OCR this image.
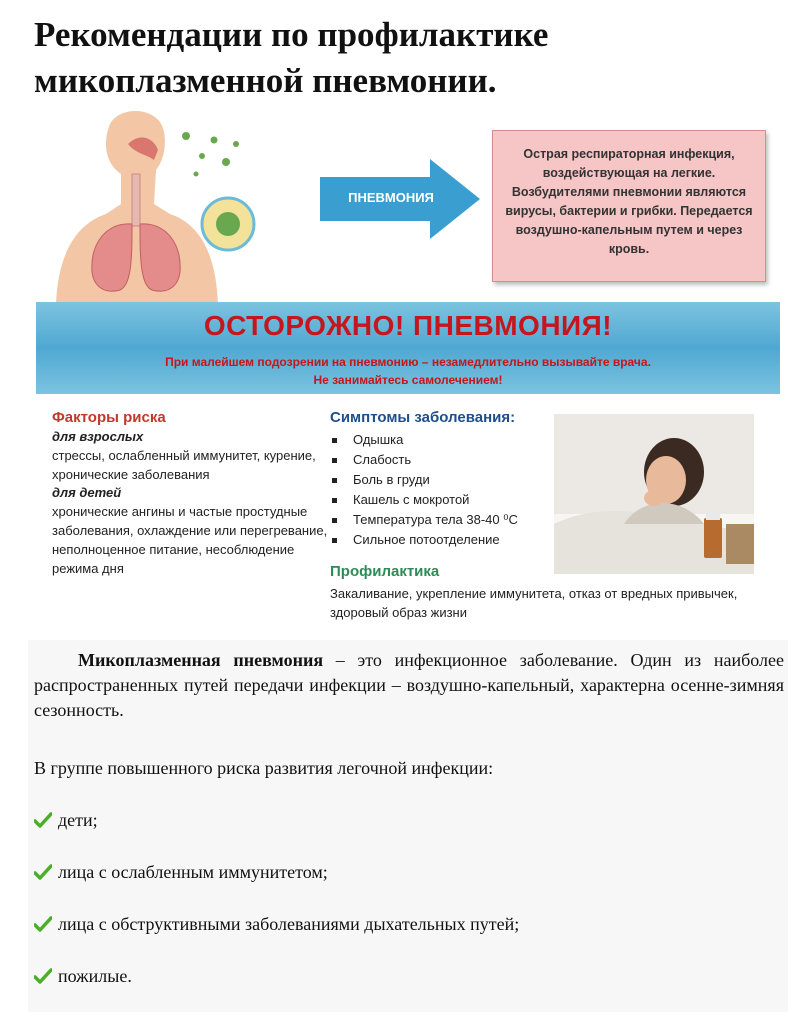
Рекомендации по профилактике микоплазменной пневмонии.
ПНЕВМОНИЯ
Острая респираторная инфекция, воздействующая на легкие. Возбудителями пневмонии являются вирусы, бактерии и грибки. Передается воздушно-капельным путем и через кровь.
ОСТОРОЖНО! ПНЕВМОНИЯ!
При малейшем подозрении на пневмонию – незамедлительно вызывайте врача.
Не занимайтесь самолечением!
Факторы риска
для взрослых
стрессы, ослабленный иммунитет, курение, хронические заболевания
для детей
хронические ангины и частые простудные заболевания, охлаждение или перегревание, неполноценное питание, несоблюдение режима дня
Симптомы заболевания:
Одышка
Слабость
Боль в груди
Кашель с мокротой
Температура тела 38-40 ⁰С
Сильное потоотделение
Профилактика
Закаливание, укрепление иммунитета, отказ от вредных привычек, здоровый образ жизни

Микоплазменная пневмония – это инфекционное заболевание. Один из наиболее распространенных путей передачи инфекции – воздушно-капельный, характерна осенне-зимняя сезонность.

В группе повышенного риска развития легочной инфекции:
дети;
лица с ослабленным иммунитетом;
лица с обструктивными заболеваниями дыхательных путей;
пожилые.
